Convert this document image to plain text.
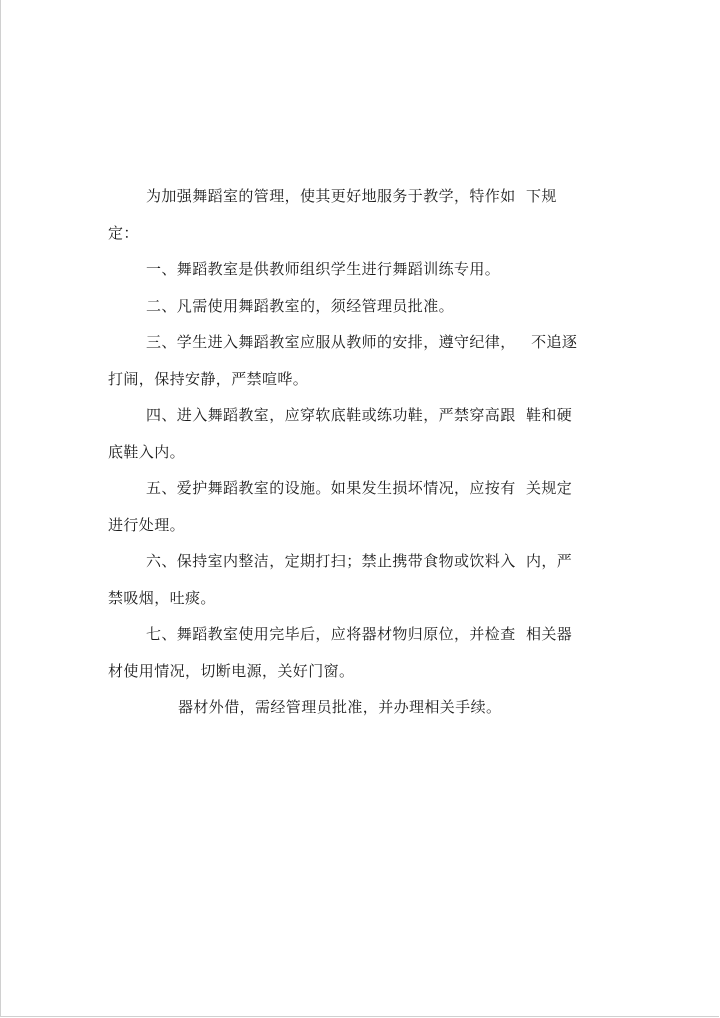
为加强舞蹈室的管理，使其更好地服务于教学，特作如  下规定：

一、舞蹈教室是供教师组织学生进行舞蹈训练专用。

二、凡需使用舞蹈教室的，须经管理员批准。

三、学生进入舞蹈教室应服从教师的安排，遵守纪律，   不追逐

打闹，保持安静，严禁喧哗。

四、进入舞蹈教室，应穿软底鞋或练功鞋，严禁穿高跟  鞋和硬

底鞋入内。

五、爱护舞蹈教室的设施。如果发生损坏情况，应按有  关规定

进行处理。

六、保持室内整洁，定期打扫；禁止携带食物或饮料入  内，严

禁吸烟，吐痰。

七、舞蹈教室使用完毕后，应将器材物归原位，并检查  相关器

材使用情况，切断电源，关好门窗。

器材外借，需经管理员批准，并办理相关手续。
